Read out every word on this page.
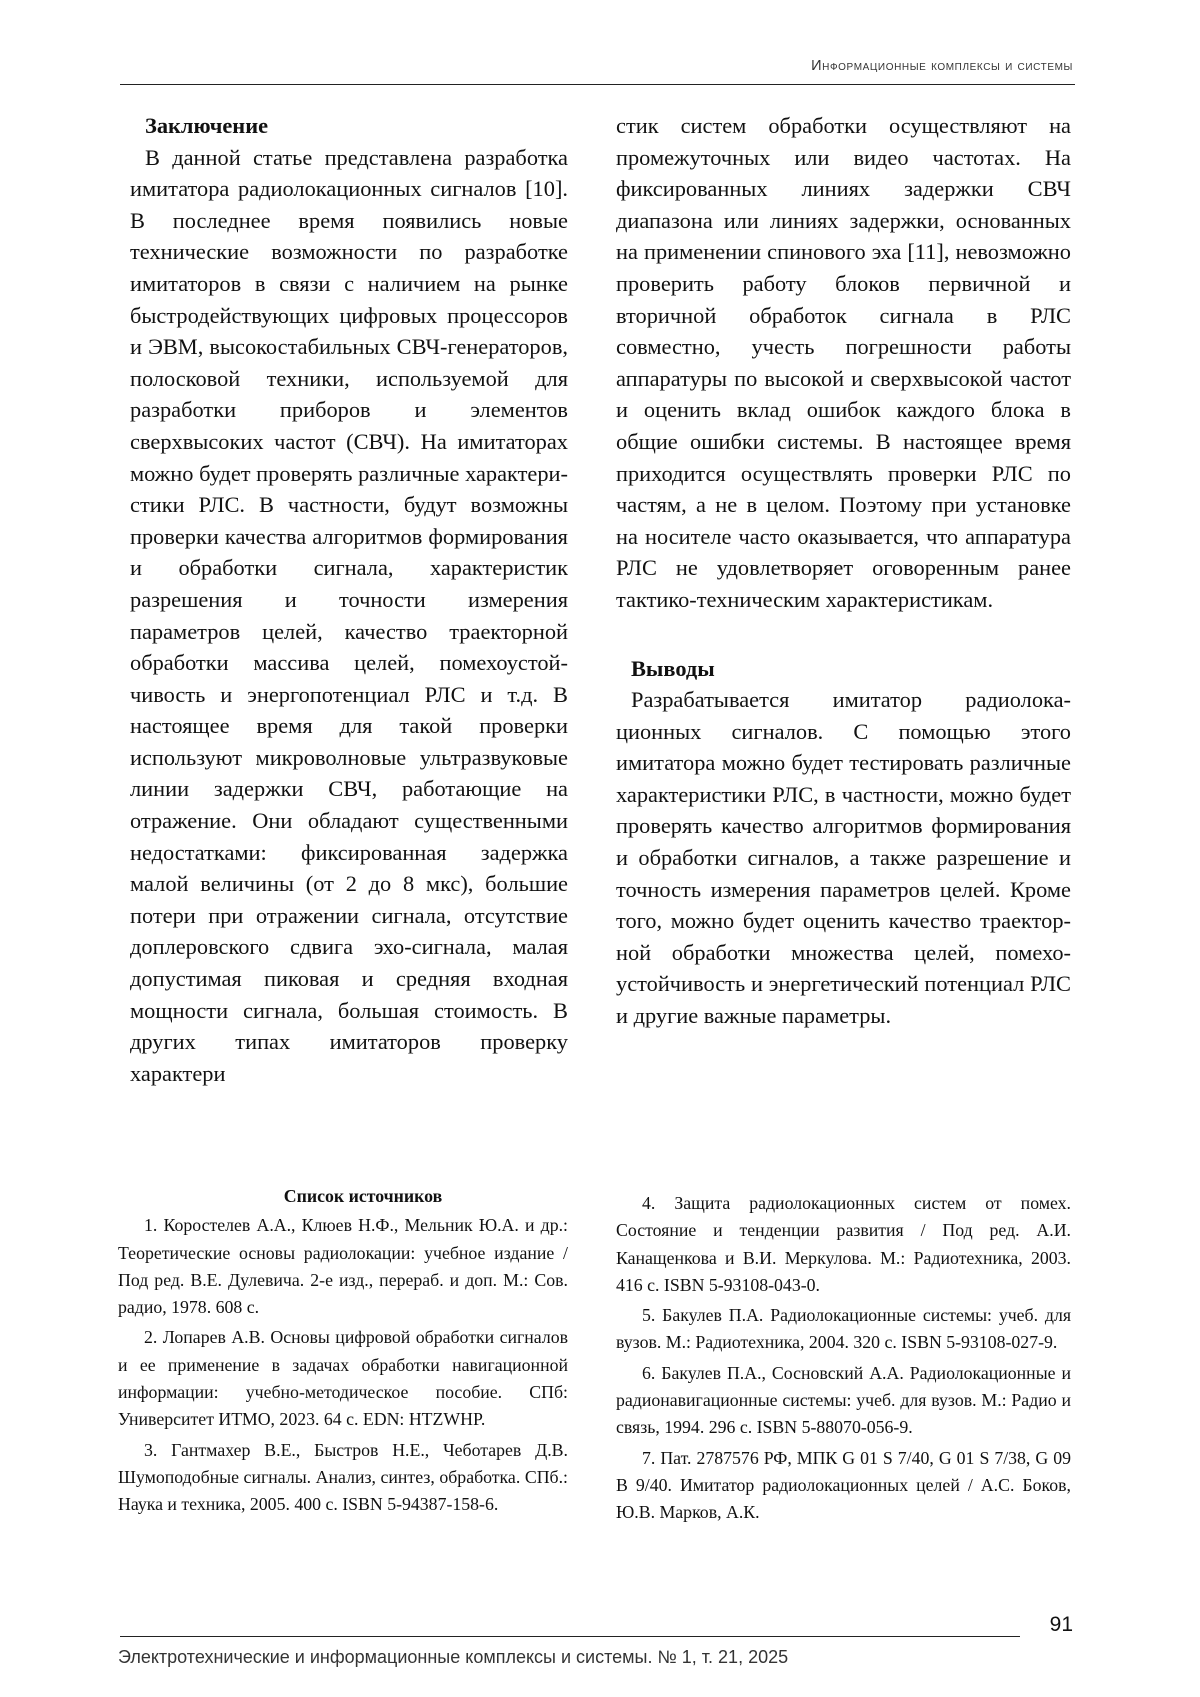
Информационные комплексы и системы

Заключение

В данной статье представлена разработка имитатора радиолокационных сигналов [10]. В последнее время появились новые технические возможности по разработке имитаторов в связи с наличием на рынке быстродействующих цифровых процессоров и ЭВМ, высокостабильных СВЧ-генераторов, полосковой техники, используемой для разработки приборов и элементов сверхвысоких частот (СВЧ). На имитаторах можно будет проверять различные характеристики РЛС. В частности, будут возможны проверки качества алгоритмов формирования и обработки сигнала, характеристик разрешения и точности измерения параметров целей, качество траекторной обработки массива целей, помехоустойчивость и энергопотенциал РЛС и т.д. В настоящее время для такой проверки используют микроволновые ультразвуковые линии задержки СВЧ, работающие на отражение. Они обладают существенными недостатками: фиксированная задержка малой величины (от 2 до 8 мкс), большие потери при отражении сигнала, отсутствие доплеровского сдвига эхо-сигнала, малая допустимая пиковая и средняя входная мощности сигнала, большая стоимость. В других типах имитаторов проверку характери

стик систем обработки осуществляют на промежуточных или видео частотах. На фиксированных линиях задержки СВЧ диапазона или линиях задержки, основанных на применении спинового эха [11], невозможно проверить работу блоков первичной и вторичной обработок сигнала в РЛС совместно, учесть погрешности работы аппаратуры по высокой и сверхвысокой частот и оценить вклад ошибок каждого блока в общие ошибки системы. В настоящее время приходится осуществлять проверки РЛС по частям, а не в целом. Поэтому при установке на носителе часто оказывается, что аппаратура РЛС не удовлетворяет оговоренным ранее тактико-техническим характеристикам.

Выводы

Разрабатывается имитатор радиолокационных сигналов. С помощью этого имитатора можно будет тестировать различные характеристики РЛС, в частности, можно будет проверять качество алгоритмов формирования и обработки сигналов, а также разрешение и точность измерения параметров целей. Кроме того, можно будет оценить качество траекторной обработки множества целей, помехоустойчивость и энергетический потенциал РЛС и другие важные параметры.

Список источников

1. Коростелев А.А., Клюев Н.Ф., Мельник Ю.А. и др.: Теоретические основы радиолокации: учебное издание / Под ред. В.Е. Дулевича. 2-е изд., перераб. и доп. М.: Сов. радио, 1978. 608 с.

2. Лопарев А.В. Основы цифровой обработки сигналов и ее применение в задачах обработки навигационной информации: учебно-методическое пособие. СПб: Университет ИТМО, 2023. 64 с. EDN: HTZWHP.

3. Гантмахер В.Е., Быстров Н.Е., Чеботарев Д.В. Шумоподобные сигналы. Анализ, синтез, обработка. СПб.: Наука и техника, 2005. 400 с. ISBN 5-94387-158-6.

4. Защита радиолокационных систем от помех. Состояние и тенденции развития / Под ред. А.И. Канащенкова и В.И. Меркулова. М.: Радиотехника, 2003. 416 с. ISBN 5-93108-043-0.

5. Бакулев П.А. Радиолокационные системы: учеб. для вузов. М.: Радиотехника, 2004. 320 с. ISBN 5-93108-027-9.

6. Бакулев П.А., Сосновский А.А. Радиолокационные и радионавигационные системы: учеб. для вузов. М.: Радио и связь, 1994. 296 с. ISBN 5-88070-056-9.

7. Пат. 2787576 РФ, МПК G 01 S 7/40, G 01 S 7/38, G 09 B 9/40. Имитатор радиолокационных целей / А.С. Боков, Ю.В. Марков, А.К.

91
Электротехнические и информационные комплексы и системы. № 1, т. 21, 2025
